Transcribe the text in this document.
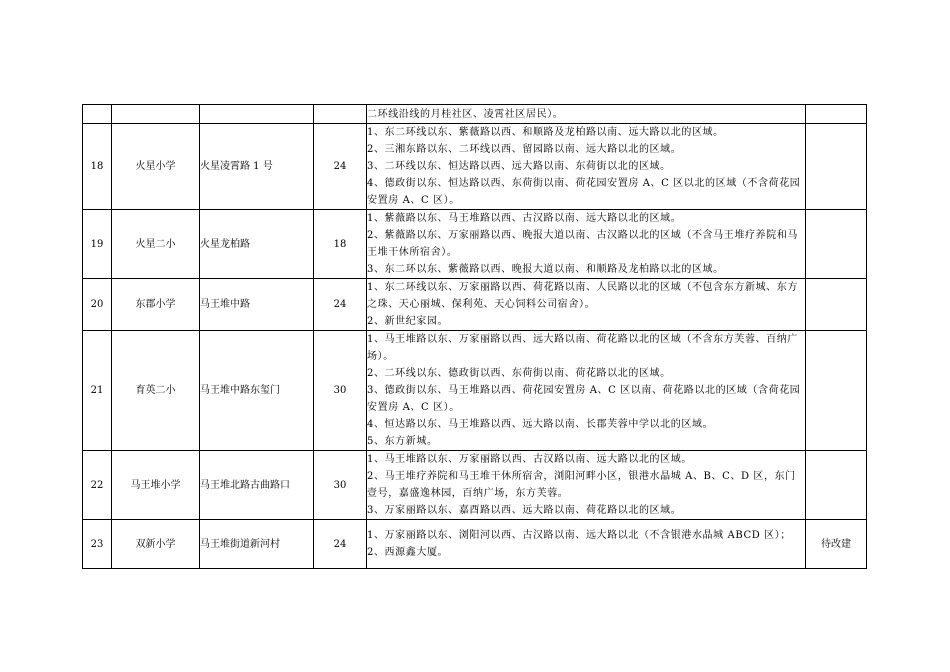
				二环线沿线的月桂社区、凌霄社区居民）。	
18	火星小学	火星凌霄路 1 号	24	1、东二环线以东、紫薇路以西、和顺路及龙柏路以南、远大路以北的区域。
2、三湘东路以东、二环线以西、留园路以南、远大路以北的区域。
3、二环线以东、恒达路以西、远大路以南、东荷街以北的区域。
4、德政街以东、恒达路以西、东荷街以南、荷花园安置房 A、C 区以北的区域（不含荷花园安置房 A、C 区）。	
19	火星二小	火星龙柏路	18	1、紫薇路以东、马王堆路以西、古汉路以南、远大路以北的区域。
2、紫薇路以东、万家丽路以西、晚报大道以南、古汉路以北的区域（不含马王堆疗养院和马王堆干休所宿舍）。
3、东二环以东、紫薇路以西、晚报大道以南、和顺路及龙柏路以北的区域。	
20	东郡小学	马王堆中路	24	1、东二环线以东、万家丽路以西、荷花路以南、人民路以北的区域（不包含东方新城、东方之珠、天心丽城、保利苑、天心饲料公司宿舍）。
2、新世纪家园。	
21	育英二小	马王堆中路东玺门	30	1、马王堆路以东、万家丽路以西、远大路以南、荷花路以北的区域（不含东方芙蓉、百纳广场）。
2、二环线以东、德政街以西、东荷街以南、荷花路以北的区域。
3、德政街以东、马王堆路以西、荷花园安置房 A、C 区以南、荷花路以北的区域（含荷花园安置房 A、C 区）。
4、恒达路以东、马王堆路以西、远大路以南、长郡芙蓉中学以北的区域。
5、东方新城。	
22	马王堆小学	马王堆北路古曲路口	30	1、马王堆路以东、万家丽路以西、古汉路以南、远大路以北的区域。
2、马王堆疗养院和马王堆干休所宿舍，浏阳河畔小区，银港水晶城 A、B、C、D 区，东门壹号，嘉盛逸林园，百纳广场，东方芙蓉。
3、万家丽路以东、嘉酉路以西、远大路以南、荷花路以北的区域。	
23	双新小学	马王堆街道新河村	24	1、万家丽路以东、浏阳河以西、古汉路以南、远大路以北（不含银港水晶城 ABCD 区）；
2、西源鑫大厦。	待改建
